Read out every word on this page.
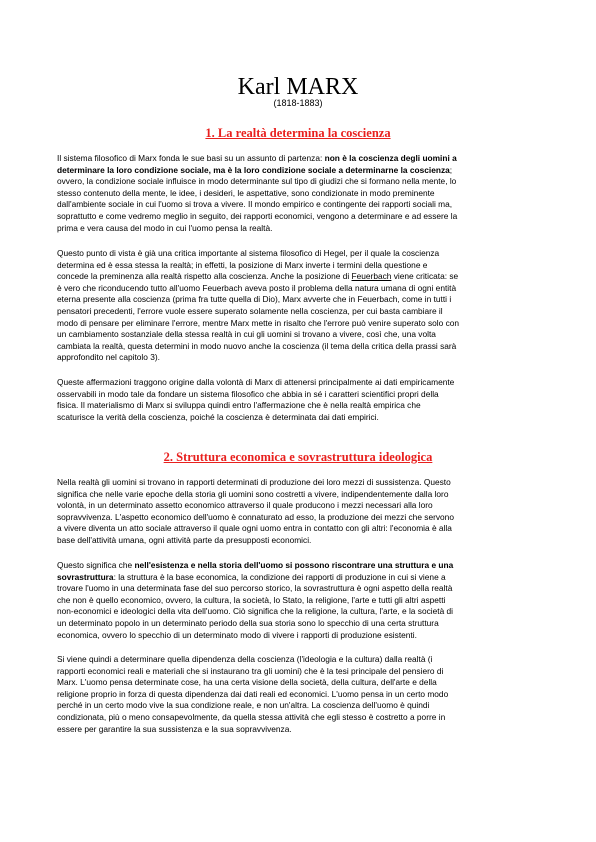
Karl MARX
(1818-1883)
1. La realtà determina la coscienza
Il sistema filosofico di Marx fonda le sue basi su un assunto di partenza: non è la coscienza degli uomini a
determinare la loro condizione sociale, ma è la loro condizione sociale a determinarne la coscienza;
ovvero, la condizione sociale influisce in modo determinante sul tipo di giudizi che si formano nella mente, lo
stesso contenuto della mente, le idee, i desideri, le aspettative, sono condizionate in modo preminente
dall'ambiente sociale in cui l'uomo si trova a vivere. Il mondo empirico e contingente dei rapporti sociali ma,
soprattutto e come vedremo meglio in seguito, dei rapporti economici, vengono a determinare e ad essere la
prima e vera causa del modo in cui l'uomo pensa la realtà.
Questo punto di vista è già una critica importante al sistema filosofico di Hegel, per il quale la coscienza
determina ed è essa stessa la realtà; in effetti, la posizione di Marx inverte i termini della questione e
concede la preminenza alla realtà rispetto alla coscienza. Anche la posizione di Feuerbach viene criticata: se
è vero che riconducendo tutto all'uomo Feuerbach aveva posto il problema della natura umana di ogni entità
eterna presente alla coscienza (prima fra tutte quella di Dio), Marx avverte che in Feuerbach, come in tutti i
pensatori precedenti, l'errore vuole essere superato solamente nella coscienza, per cui basta cambiare il
modo di pensare per eliminare l'errore, mentre Marx mette in risalto che l'errore può venire superato solo con
un cambiamento sostanziale della stessa realtà in cui gli uomini si trovano a vivere, così che, una volta
cambiata la realtà, questa determini in modo nuovo anche la coscienza (il tema della critica della prassi sarà
approfondito nel capitolo 3).
Queste affermazioni traggono origine dalla volontà di Marx di attenersi principalmente ai dati empiricamente
osservabili in modo tale da fondare un sistema filosofico che abbia in sé i caratteri scientifici propri della
fisica. Il materialismo di Marx si sviluppa quindi entro l'affermazione che è nella realtà empirica che
scaturisce la verità della coscienza, poiché la coscienza è determinata dai dati empirici.
2. Struttura economica e sovrastruttura ideologica
Nella realtà gli uomini si trovano in rapporti determinati di produzione dei loro mezzi di sussistenza. Questo
significa che nelle varie epoche della storia gli uomini sono costretti a vivere, indipendentemente dalla loro
volontà, in un determinato assetto economico attraverso il quale producono i mezzi necessari alla loro
sopravvivenza. L'aspetto economico dell'uomo è connaturato ad esso, la produzione dei mezzi che servono
a vivere diventa un atto sociale attraverso il quale ogni uomo entra in contatto con gli altri: l'economia è alla
base dell'attività umana, ogni attività parte da presupposti economici.
Questo significa che nell'esistenza e nella storia dell'uomo si possono riscontrare una struttura e una
sovrastruttura: la struttura è la base economica, la condizione dei rapporti di produzione in cui si viene a
trovare l'uomo in una determinata fase del suo percorso storico, la sovrastruttura è ogni aspetto della realtà
che non è quello economico, ovvero, la cultura, la società, lo Stato, la religione, l'arte e tutti gli altri aspetti
non-economici e ideologici della vita dell'uomo. Ciò significa che la religione, la cultura, l'arte, e la società di
un determinato popolo in un determinato periodo della sua storia sono lo specchio di una certa struttura
economica, ovvero lo specchio di un determinato modo di vivere i rapporti di produzione esistenti.
Si viene quindi a determinare quella dipendenza della coscienza (l'ideologia e la cultura) dalla realtà (i
rapporti economici reali e materiali che si instaurano tra gli uomini) che è la tesi principale del pensiero di
Marx. L'uomo pensa determinate cose, ha una certa visione della società, della cultura, dell'arte e della
religione proprio in forza di questa dipendenza dai dati reali ed economici. L'uomo pensa in un certo modo
perché in un certo modo vive la sua condizione reale, e non un'altra. La coscienza dell'uomo è quindi
condizionata, più o meno consapevolmente, da quella stessa attività che egli stesso è costretto a porre in
essere per garantire la sua sussistenza e la sua sopravvivenza.
